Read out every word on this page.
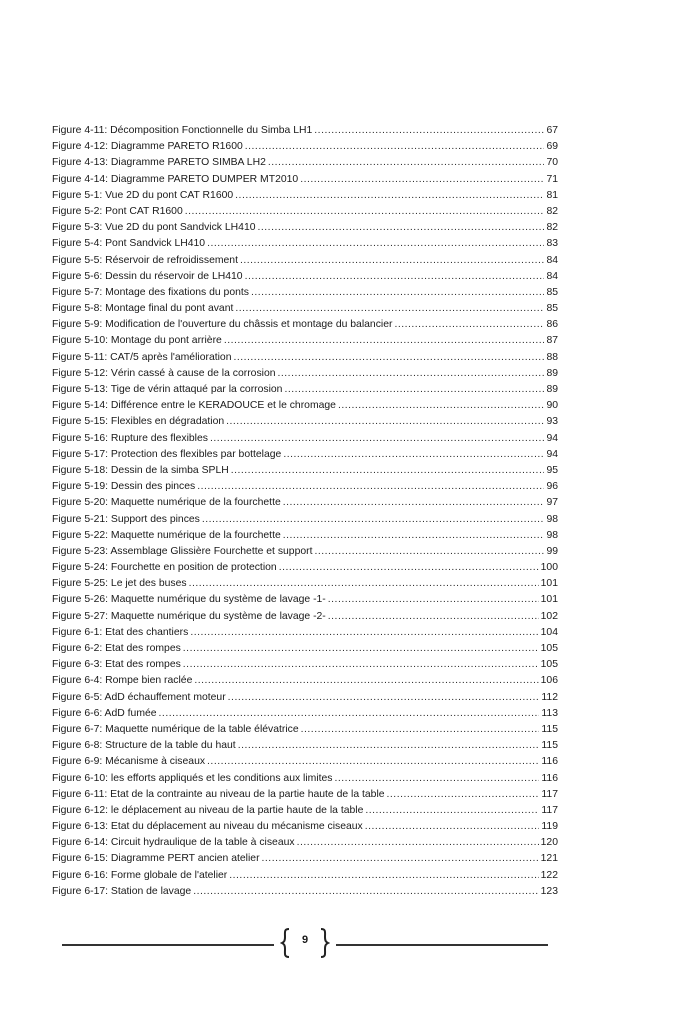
Figure 4-11: Décomposition Fonctionnelle du Simba LH1 .....	67
Figure 4-12: Diagramme PARETO R1600 .....	69
Figure 4-13: Diagramme PARETO SIMBA LH2 .....	70
Figure 4-14: Diagramme PARETO DUMPER MT2010 .....	71
Figure 5-1: Vue 2D du pont CAT R1600 .....	81
Figure 5-2: Pont CAT R1600 .....	82
Figure 5-3: Vue 2D du pont Sandvick LH410 .....	82
Figure 5-4: Pont Sandvick LH410 .....	83
Figure 5-5: Réservoir de refroidissement .....	84
Figure 5-6: Dessin du réservoir de LH410 .....	84
Figure 5-7: Montage des fixations du ponts .....	85
Figure 5-8: Montage final du pont avant .....	85
Figure 5-9: Modification de l'ouverture du châssis et montage du balancier .....	86
Figure 5-10: Montage du pont arrière .....	87
Figure 5-11: CAT/5 après l'amélioration .....	88
Figure 5-12: Vérin cassé à cause de la corrosion .....	89
Figure 5-13: Tige de vérin attaqué par la corrosion .....	89
Figure 5-14: Différence entre le KERADOUCE et le chromage .....	90
Figure 5-15: Flexibles en dégradation .....	93
Figure 5-16: Rupture des flexibles .....	94
Figure 5-17: Protection des flexibles par bottelage .....	94
Figure 5-18: Dessin de la simba SPLH .....	95
Figure 5-19: Dessin des pinces .....	96
Figure 5-20: Maquette numérique de la fourchette .....	97
Figure 5-21: Support des pinces .....	98
Figure 5-22: Maquette numérique de la fourchette .....	98
Figure 5-23: Assemblage Glissière Fourchette et support .....	99
Figure 5-24: Fourchette en position de protection .....	100
Figure 5-25: Le jet des buses .....	101
Figure 5-26: Maquette numérique du système de lavage -1- .....	101
Figure 5-27: Maquette numérique du système de lavage -2- .....	102
Figure 6-1: Etat des chantiers .....	104
Figure 6-2: Etat des rompes .....	105
Figure 6-3: Etat des rompes .....	105
Figure 6-4: Rompe bien raclée .....	106
Figure 6-5: AdD échauffement moteur .....	112
Figure 6-6: AdD fumée .....	113
Figure 6-7: Maquette numérique de la table élévatrice .....	115
Figure 6-8: Structure de la table du haut .....	115
Figure 6-9: Mécanisme à ciseaux .....	116
Figure 6-10: les efforts appliqués et les conditions aux limites .....	116
Figure 6-11: Etat de la contrainte au niveau de la partie haute de la table .....	117
Figure 6-12: le déplacement au niveau de la partie haute de la table .....	117
Figure 6-13: Etat du déplacement au niveau du mécanisme ciseaux .....	119
Figure 6-14: Circuit hydraulique de la table à ciseaux .....	120
Figure 6-15: Diagramme PERT ancien atelier .....	121
Figure 6-16: Forme globale de l'atelier .....	122
Figure 6-17: Station de lavage .....	123
9
